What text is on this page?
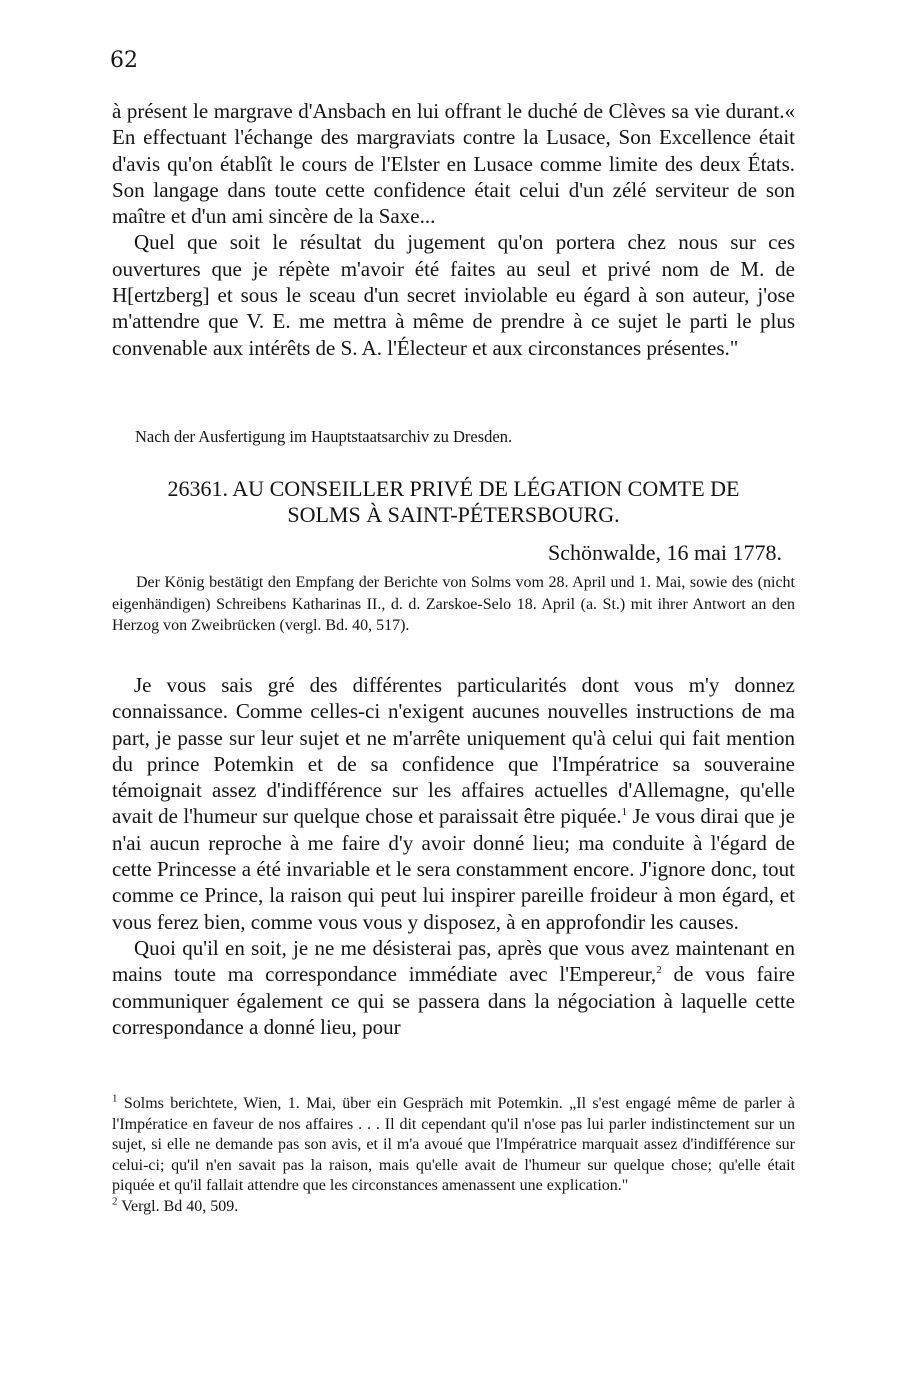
62

à présent le margrave d'Ansbach en lui offrant le duché de Clèves sa vie durant.« En effectuant l'échange des margraviats contre la Lusace, Son Excellence était d'avis qu'on établît le cours de l'Elster en Lusace comme limite des deux États. Son langage dans toute cette confidence était celui d'un zélé serviteur de son maître et d'un ami sincère de la Saxe...

Quel que soit le résultat du jugement qu'on portera chez nous sur ces ouvertures que je répète m'avoir été faites au seul et privé nom de M. de H[ertzberg] et sous le sceau d'un secret inviolable eu égard à son auteur, j'ose m'attendre que V. E. me mettra à même de prendre à ce sujet le parti le plus convenable aux intérêts de S. A. l'Électeur et aux circonstances présentes."

Nach der Ausfertigung im Hauptstaatsarchiv zu Dresden.
26361. AU CONSEILLER PRIVÉ DE LÉGATION COMTE DE
SOLMS À SAINT-PÉTERSBOURG.
Schönwalde, 16 mai 1778.
Der König bestätigt den Empfang der Berichte von Solms vom 28. April und 1. Mai, sowie des (nicht eigenhändigen) Schreibens Katharinas II., d. d. Zarskoe-Selo 18. April (a. St.) mit ihrer Antwort an den Herzog von Zweibrücken (vergl. Bd. 40, 517).

Je vous sais gré des différentes particularités dont vous m'y donnez connaissance. Comme celles-ci n'exigent aucunes nouvelles instructions de ma part, je passe sur leur sujet et ne m'arrête uniquement qu'à celui qui fait mention du prince Potemkin et de sa confidence que l'Impératrice sa souveraine témoignait assez d'indifférence sur les affaires actuelles d'Allemagne, qu'elle avait de l'humeur sur quelque chose et paraissait être piquée.$^1$ Je vous dirai que je n'ai aucun reproche à me faire d'y avoir donné lieu; ma conduite à l'égard de cette Princesse a été invariable et le sera constamment encore. J'ignore donc, tout comme ce Prince, la raison qui peut lui inspirer pareille froideur à mon égard, et vous ferez bien, comme vous vous y disposez, à en approfondir les causes.

Quoi qu'il en soit, je ne me désisterai pas, après que vous avez maintenant en mains toute ma correspondance immédiate avec l'Empereur,$^2$ de vous faire communiquer également ce qui se passera dans la négociation à laquelle cette correspondance a donné lieu, pour

$^1$ Solms berichtete, Wien, 1. Mai, über ein Gespräch mit Potemkin. „Il s'est engagé même de parler à l'Impératice en faveur de nos affaires . . . Il dit cependant qu'il n'ose pas lui parler indistinctement sur un sujet, si elle ne demande pas son avis, et il m'a avoué que l'Impératrice marquait assez d'indifférence sur celui-ci; qu'il n'en savait pas la raison, mais qu'elle avait de l'humeur sur quelque chose; qu'elle était piquée et qu'il fallait attendre que les circonstances amenassent une explication."

$^2$ Vergl. Bd 40, 509.
